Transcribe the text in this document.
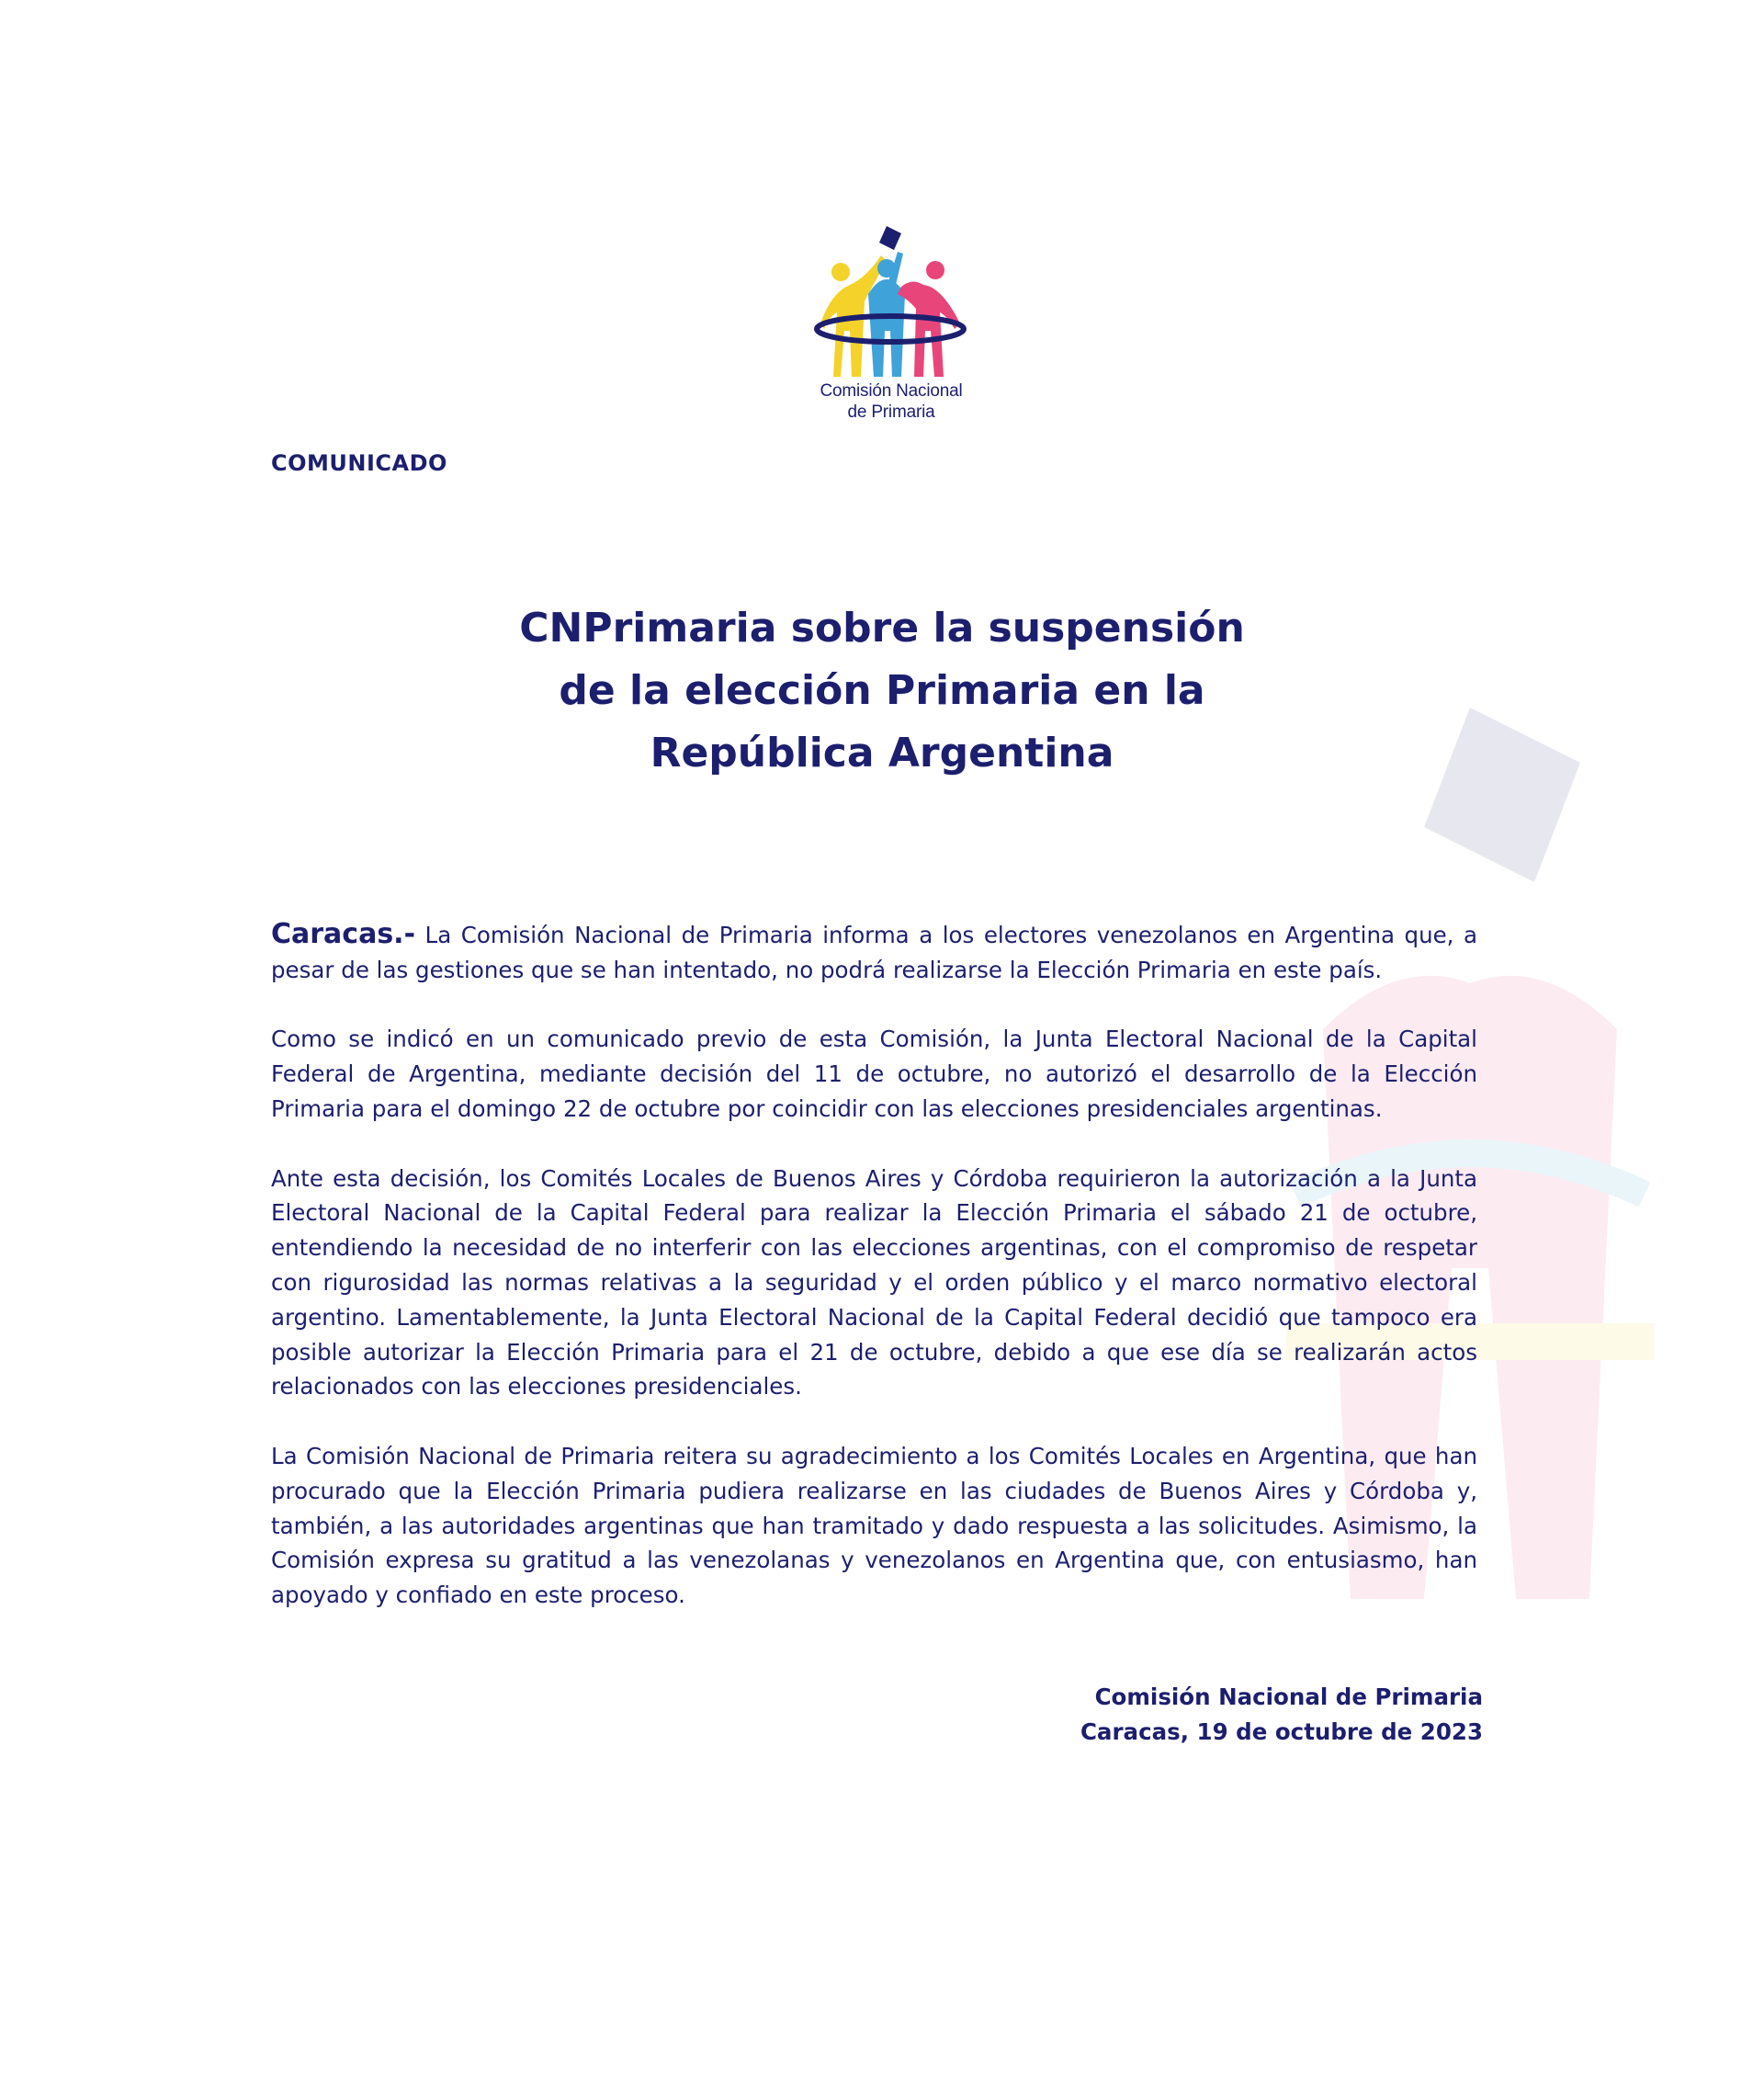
Comisión Nacional
de Primaria
COMUNICADO
CNPrimaria sobre la suspensión
de la elección Primaria en la
República Argentina

Caracas.- La Comisión Nacional de Primaria informa a los electores venezolanos en Argentina que, a pesar de las gestiones que se han intentado, no podrá realizarse la Elección Primaria en este país.

Como se indicó en un comunicado previo de esta Comisión, la Junta Electoral Nacional de la Capital Federal de Argentina, mediante decisión del 11 de octubre, no autorizó el desarrollo de la Elección Primaria para el domingo 22 de octubre por coincidir con las elecciones presidenciales argentinas.

Ante esta decisión, los Comités Locales de Buenos Aires y Córdoba requirieron la autorización a la Junta Electoral Nacional de la Capital Federal para realizar la Elección Primaria el sábado 21 de octubre, entendiendo la necesidad de no interferir con las elecciones argentinas, con el compromiso de respetar con rigurosidad las normas relativas a la seguridad y el orden público y el marco normativo electoral argentino. Lamentablemente, la Junta Electoral Nacional de la Capital Federal decidió que tampoco era posible autorizar la Elección Primaria para el 21 de octubre, debido a que ese día se realizarán actos relacionados con las elecciones presidenciales.

La Comisión Nacional de Primaria reitera su agradecimiento a los Comités Locales en Argentina, que han procurado que la Elección Primaria pudiera realizarse en las ciudades de Buenos Aires y Córdoba y, también, a las autoridades argentinas que han tramitado y dado respuesta a las solicitudes. Asimismo, la Comisión expresa su gratitud a las venezolanas y venezolanos en Argentina que, con entusiasmo, han apoyado y confiado en este proceso.

Comisión Nacional de Primaria
Caracas, 19 de octubre de 2023
